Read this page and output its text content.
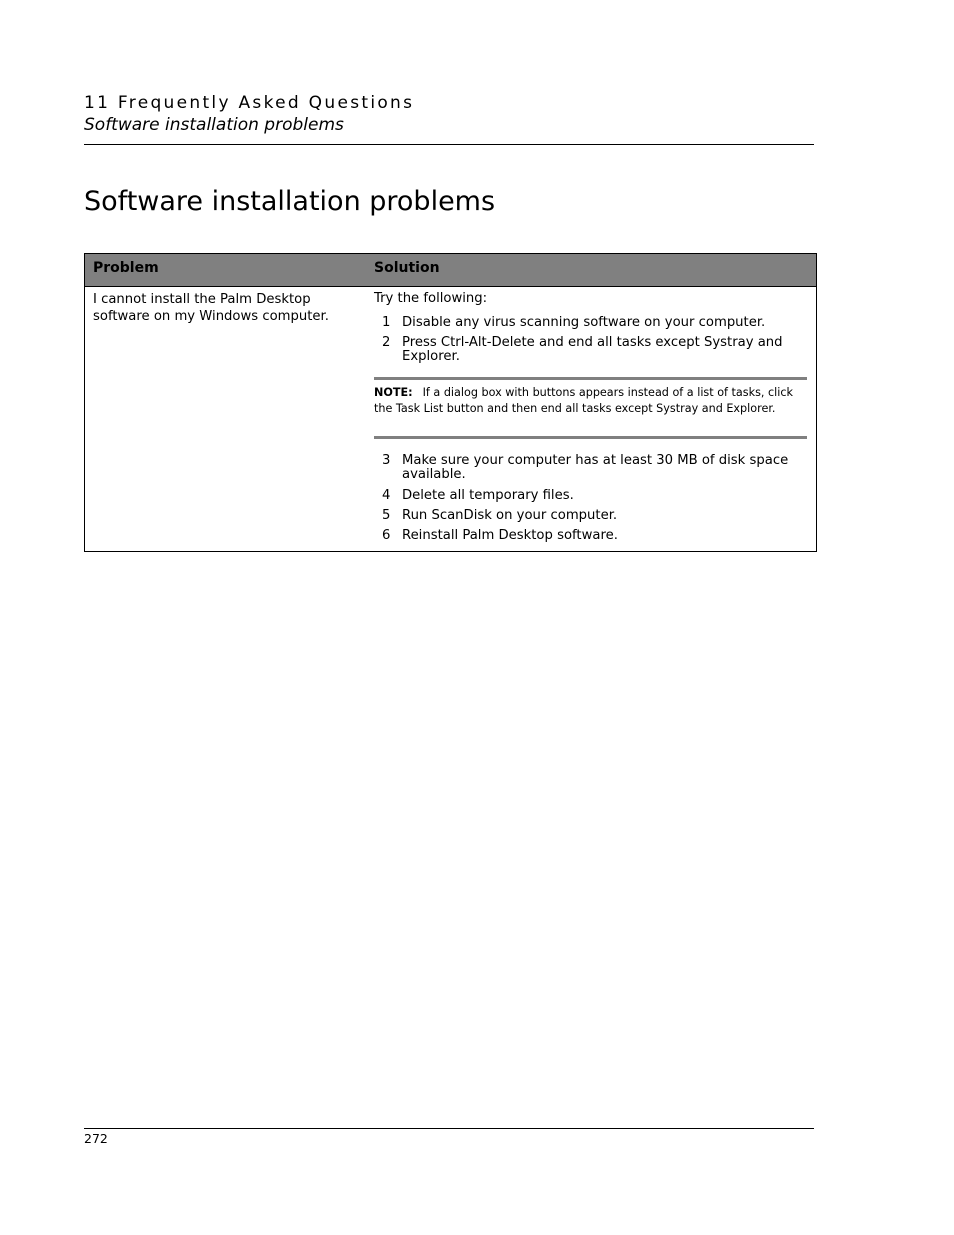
11 Frequently Asked Questions
Software installation problems
Software installation problems
Problem	Solution
I cannot install the Palm Desktop software on my Windows computer.
Try the following:
1 Disable any virus scanning software on your computer.
2 Press Ctrl-Alt-Delete and end all tasks except Systray and Explorer.
NOTE: If a dialog box with buttons appears instead of a list of tasks, click the Task List button and then end all tasks except Systray and Explorer.
3 Make sure your computer has at least 30 MB of disk space available.
4 Delete all temporary files.
5 Run ScanDisk on your computer.
6 Reinstall Palm Desktop software.
272
